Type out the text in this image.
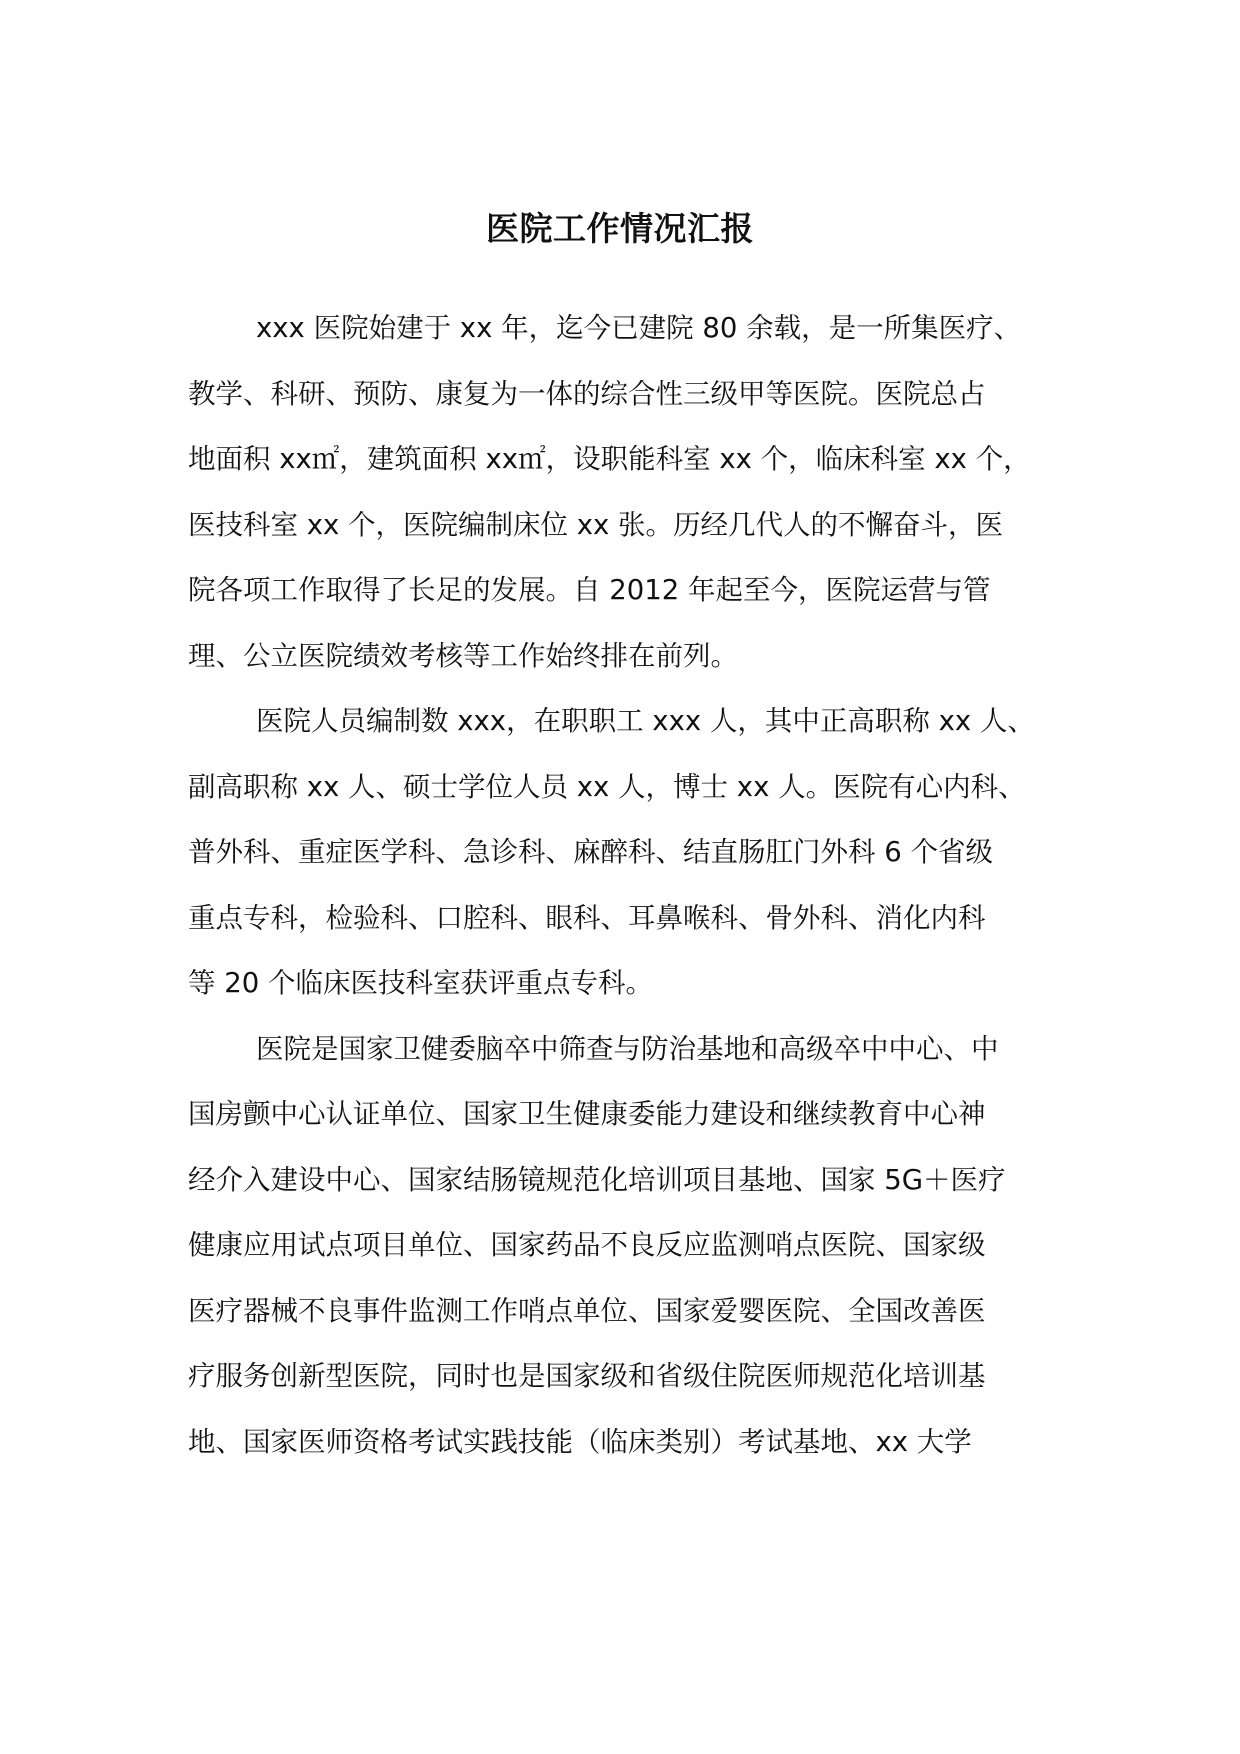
医院工作情况汇报

xxx 医院始建于 xx 年，迄今已建院 80 余载，是一所集医疗、
教学、科研、预防、康复为一体的综合性三级甲等医院。医院总占
地面积 xx㎡，建筑面积 xx㎡，设职能科室 xx 个，临床科室 xx 个，
医技科室 xx 个，医院编制床位 xx 张。历经几代人的不懈奋斗，医
院各项工作取得了长足的发展。自 2012 年起至今，医院运营与管
理、公立医院绩效考核等工作始终排在前列。

医院人员编制数 xxx，在职职工 xxx 人，其中正高职称 xx 人、
副高职称 xx 人、硕士学位人员 xx 人，博士 xx 人。医院有心内科、
普外科、重症医学科、急诊科、麻醉科、结直肠肛门外科 6 个省级
重点专科，检验科、口腔科、眼科、耳鼻喉科、骨外科、消化内科
等 20 个临床医技科室获评重点专科。

医院是国家卫健委脑卒中筛查与防治基地和高级卒中中心、中
国房颤中心认证单位、国家卫生健康委能力建设和继续教育中心神
经介入建设中心、国家结肠镜规范化培训项目基地、国家 5G＋医疗
健康应用试点项目单位、国家药品不良反应监测哨点医院、国家级
医疗器械不良事件监测工作哨点单位、国家爱婴医院、全国改善医
疗服务创新型医院，同时也是国家级和省级住院医师规范化培训基
地、国家医师资格考试实践技能（临床类别）考试基地、xx 大学
